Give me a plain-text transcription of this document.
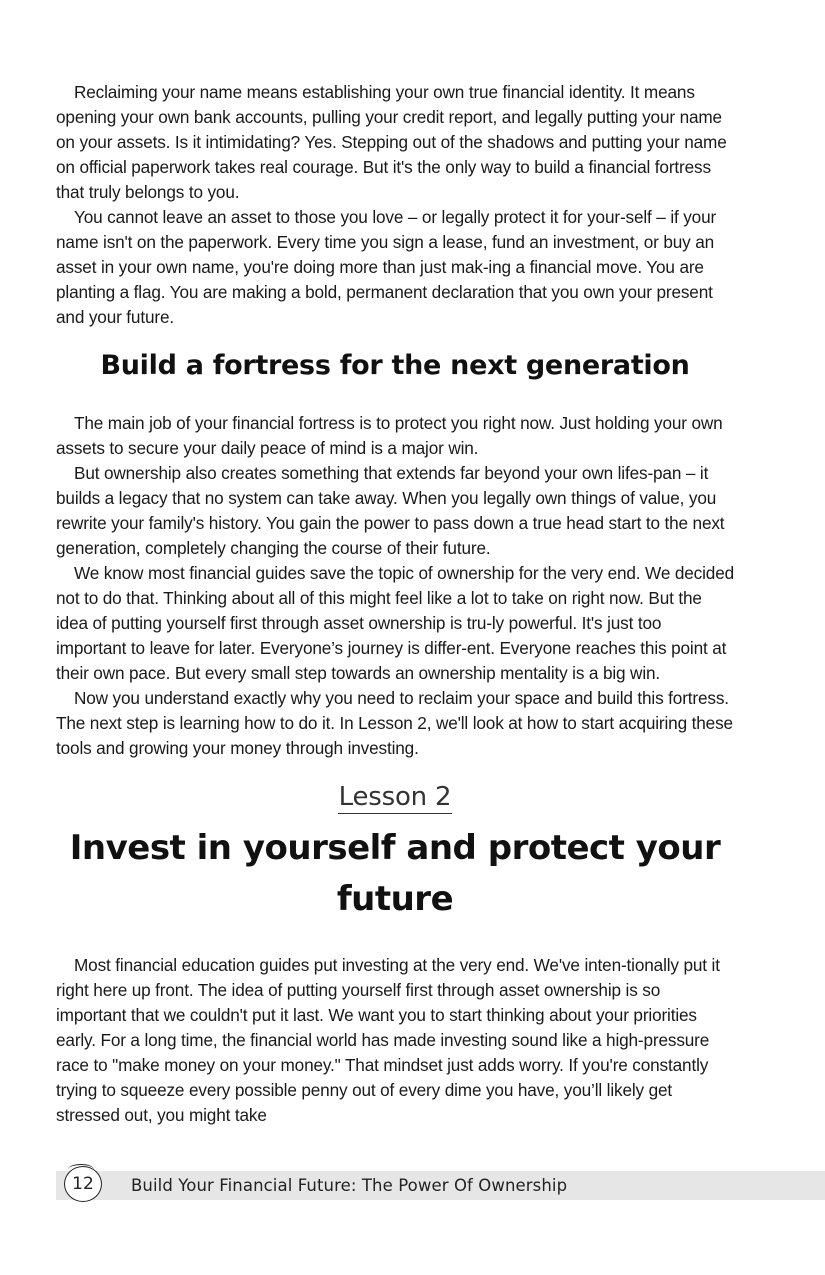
Reclaiming your name means establishing your own true financial identity. It means opening your own bank accounts, pulling your credit report, and legally putting your name on your assets. Is it intimidating? Yes. Stepping out of the shadows and putting your name on official paperwork takes real courage. But it's the only way to build a financial fortress that truly belongs to you.

You cannot leave an asset to those you love – or legally protect it for your-self – if your name isn't on the paperwork. Every time you sign a lease, fund an investment, or buy an asset in your own name, you're doing more than just mak-ing a financial move. You are planting a flag. You are making a bold, permanent declaration that you own your present and your future.

Build a fortress for the next generation

The main job of your financial fortress is to protect you right now. Just holding your own assets to secure your daily peace of mind is a major win.

But ownership also creates something that extends far beyond your own lifes-pan – it builds a legacy that no system can take away. When you legally own things of value, you rewrite your family's history. You gain the power to pass down a true head start to the next generation, completely changing the course of their future.

We know most financial guides save the topic of ownership for the very end. We decided not to do that. Thinking about all of this might feel like a lot to take on right now. But the idea of putting yourself first through asset ownership is tru-ly powerful. It's just too important to leave for later. Everyone’s journey is differ-ent. Everyone reaches this point at their own pace. But every small step towards an ownership mentality is a big win.

Now you understand exactly why you need to reclaim your space and build this fortress. The next step is learning how to do it. In Lesson 2, we'll look at how to start acquiring these tools and growing your money through investing.

Lesson 2
Invest in yourself and protect your future

Most financial education guides put investing at the very end. We've inten-tionally put it right here up front. The idea of putting yourself first through asset ownership is so important that we couldn't put it last. We want you to start thinking about your priorities early. For a long time, the financial world has made investing sound like a high-pressure race to "make money on your money." That mindset just adds worry. If you're constantly trying to squeeze every possible penny out of every dime you have, you’ll likely get stressed out, you might take

12	Build Your Financial Future: The Power Of Ownership
